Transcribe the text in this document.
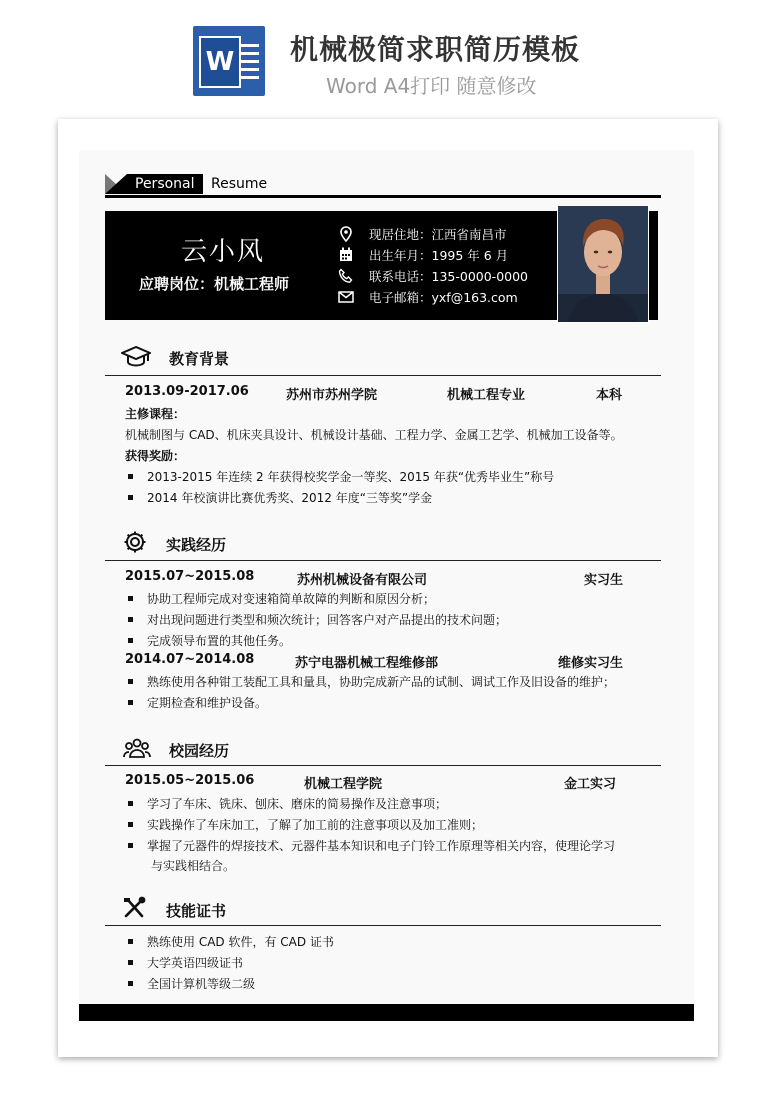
W 机械极简求职简历模板
Word A4打印 随意修改
Personal	Resume
云小风
应聘岗位：机械工程师
现居住地：江西省南昌市
出生年月：1995 年 6 月
联系电话：135-0000-0000
电子邮箱：yxf@163.com
教育背景
2013.09-2017.06	苏州市苏州学院	机械工程专业	本科
主修课程：
机械制图与 CAD、机床夹具设计、机械设计基础、工程力学、金属工艺学、机械加工设备等。
获得奖励：
2013-2015 年连续 2 年获得校奖学金一等奖、2015 年获“优秀毕业生”称号
2014 年校演讲比赛优秀奖、2012 年度“三等奖”学金
实践经历
2015.07~2015.08	苏州机械设备有限公司	实习生
协助工程师完成对变速箱简单故障的判断和原因分析；
对出现问题进行类型和频次统计；回答客户对产品提出的技术问题；
完成领导布置的其他任务。
2014.07~2014.08	苏宁电器机械工程维修部	维修实习生
熟练使用各种钳工装配工具和量具，协助完成新产品的试制、调试工作及旧设备的维护；
定期检查和维护设备。
校园经历
2015.05~2015.06	机械工程学院	金工实习
学习了车床、铣床、刨床、磨床的简易操作及注意事项；
实践操作了车床加工，了解了加工前的注意事项以及加工准则；
掌握了元器件的焊接技术、元器件基本知识和电子门铃工作原理等相关内容，使理论学习
与实践相结合。
技能证书
熟练使用 CAD 软件，有 CAD 证书
大学英语四级证书
全国计算机等级二级
